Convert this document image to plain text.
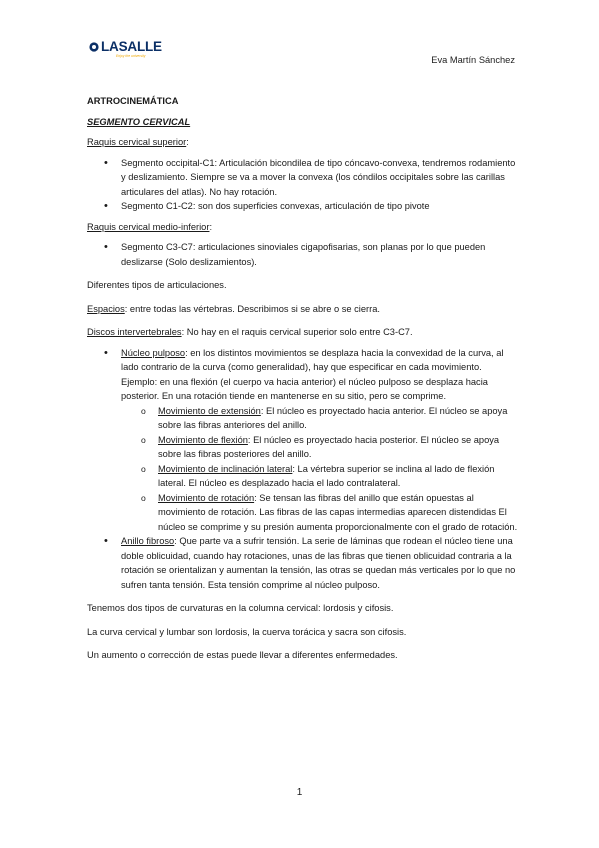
LASALLE
Enjoy the university	Eva Martín Sánchez

ARTROCINEMÁTICA

SEGMENTO CERVICAL

Raquis cervical superior:

• Segmento occipital-C1: Articulación bicondilea de tipo cóncavo-convexa, tendremos rodamiento y deslizamiento. Siempre se va a mover la convexa (los cóndilos occipitales sobre las carillas articulares del atlas). No hay rotación.
• Segmento C1-C2: son dos superficies convexas, articulación de tipo pivote

Raquis cervical medio-inferior:

• Segmento C3-C7: articulaciones sinoviales cigapofisarias, son planas por lo que pueden deslizarse (Solo deslizamientos).

Diferentes tipos de articulaciones.

Espacios: entre todas las vértebras. Describimos si se abre o se cierra.

Discos intervertebrales: No hay en el raquis cervical superior solo entre C3-C7.

• Núcleo pulposo: en los distintos movimientos se desplaza hacia la convexidad de la curva, al lado contrario de la curva (como generalidad), hay que especificar en cada movimiento. Ejemplo: en una flexión (el cuerpo va hacia anterior) el núcleo pulposo se desplaza hacia posterior. En una rotación tiende en mantenerse en su sitio, pero se comprime.
o Movimiento de extensión: El núcleo es proyectado hacia anterior. El núcleo se apoya sobre las fibras anteriores del anillo.
o Movimiento de flexión: El núcleo es proyectado hacia posterior. El núcleo se apoya sobre las fibras posteriores del anillo.
o Movimiento de inclinación lateral: La vértebra superior se inclina al lado de flexión lateral. El núcleo es desplazado hacia el lado contralateral.
o Movimiento de rotación: Se tensan las fibras del anillo que están opuestas al movimiento de rotación. Las fibras de las capas intermedias aparecen distendidas El núcleo se comprime y su presión aumenta proporcionalmente con el grado de rotación.
• Anillo fibroso: Que parte va a sufrir tensión. La serie de láminas que rodean el núcleo tiene una doble oblicuidad, cuando hay rotaciones, unas de las fibras que tienen oblicuidad contraria a la rotación se orientalizan y aumentan la tensión, las otras se quedan más verticales por lo que no sufren tanta tensión. Esta tensión comprime al núcleo pulposo.

Tenemos dos tipos de curvaturas en la columna cervical: lordosis y cifosis.

La curva cervical y lumbar son lordosis, la cuerva torácica y sacra son cifosis.

Un aumento o corrección de estas puede llevar a diferentes enfermedades.

1
